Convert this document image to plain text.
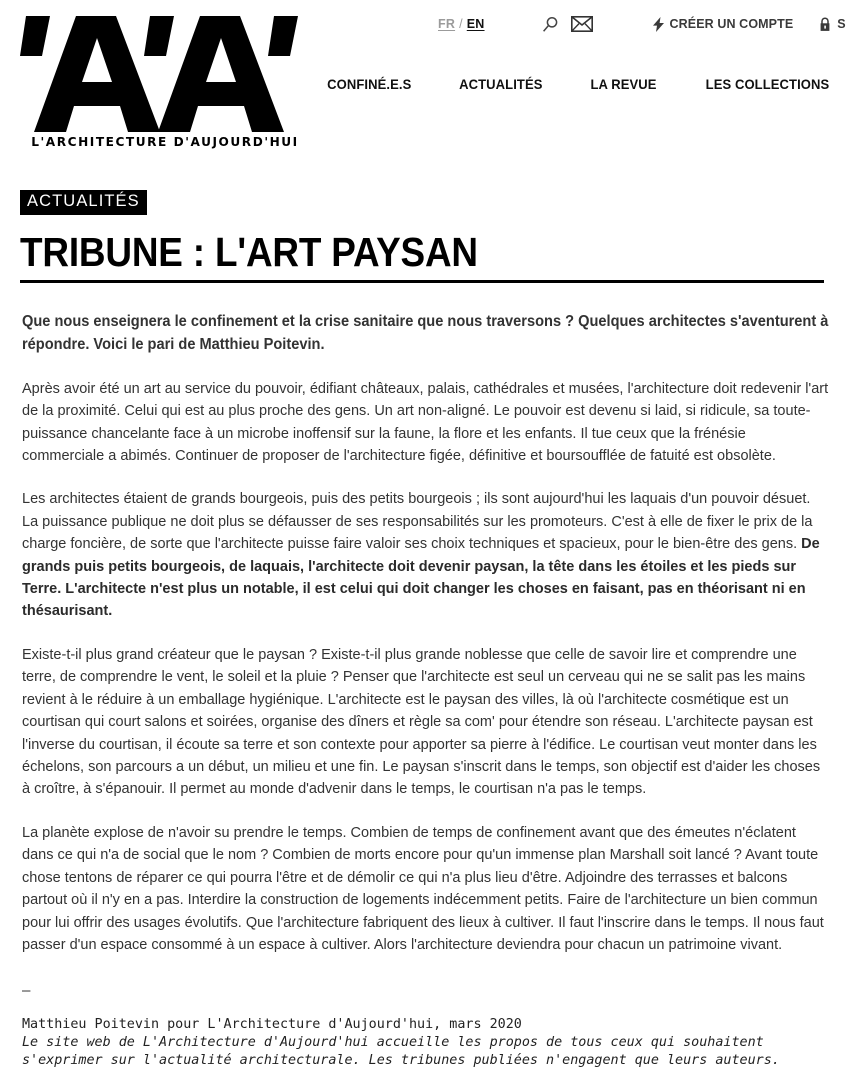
L'ARCHITECTURE D'AUJOURD'HUI
FR / EN	CRÉER UN COMPTE	S
CONFINÉ.E.S	ACTUALITÉS	LA REVUE	LES COLLECTIONS
ACTUALITÉS
TRIBUNE : L'ART PAYSAN

Que nous enseignera le confinement et la crise sanitaire que nous traversons ? Quelques architectes s'aventurent à répondre. Voici le pari de Matthieu Poitevin.

Après avoir été un art au service du pouvoir, édifiant châteaux, palais, cathédrales et musées, l'architecture doit redevenir l'art de la proximité. Celui qui est au plus proche des gens. Un art non-aligné. Le pouvoir est devenu si laid, si ridicule, sa toute-puissance chancelante face à un microbe inoffensif sur la faune, la flore et les enfants. Il tue ceux que la frénésie commerciale a abimés. Continuer de proposer de l'architecture figée, définitive et boursoufflée de fatuité est obsolète.

Les architectes étaient de grands bourgeois, puis des petits bourgeois ; ils sont aujourd'hui les laquais d'un pouvoir désuet. La puissance publique ne doit plus se défausser de ses responsabilités sur les promoteurs. C'est à elle de fixer le prix de la charge foncière, de sorte que l'architecte puisse faire valoir ses choix techniques et spacieux, pour le bien-être des gens. De grands puis petits bourgeois, de laquais, l'architecte doit devenir paysan, la tête dans les étoiles et les pieds sur Terre. L'architecte n'est plus un notable, il est celui qui doit changer les choses en faisant, pas en théorisant ni en thésaurisant.

Existe-t-il plus grand créateur que le paysan ? Existe-t-il plus grande noblesse que celle de savoir lire et comprendre une terre, de comprendre le vent, le soleil et la pluie ? Penser que l'architecte est seul un cerveau qui ne se salit pas les mains revient à le réduire à un emballage hygiénique. L'architecte est le paysan des villes, là où l'architecte cosmétique est un courtisan qui court salons et soirées, organise des dîners et règle sa com' pour étendre son réseau. L'architecte paysan est l'inverse du courtisan, il écoute sa terre et son contexte pour apporter sa pierre à l'édifice. Le courtisan veut monter dans les échelons, son parcours a un début, un milieu et une fin. Le paysan s'inscrit dans le temps, son objectif est d'aider les choses à croître, à s'épanouir. Il permet au monde d'advenir dans le temps, le courtisan n'a pas le temps.

La planète explose de n'avoir su prendre le temps. Combien de temps de confinement avant que des émeutes n'éclatent dans ce qui n'a de social que le nom ? Combien de morts encore pour qu'un immense plan Marshall soit lancé ? Avant toute chose tentons de réparer ce qui pourra l'être et de démolir ce qui n'a plus lieu d'être. Adjoindre des terrasses et balcons partout où il n'y en a pas. Interdire la construction de logements indécemment petits. Faire de l'architecture un bien commun pour lui offrir des usages évolutifs. Que l'architecture fabriquent des lieux à cultiver. Il faut l'inscrire dans le temps. Il nous faut passer d'un espace consommé à un espace à cultiver. Alors l'architecture deviendra pour chacun un patrimoine vivant.

—
Matthieu Poitevin pour L'Architecture d'Aujourd'hui, mars 2020
Le site web de L'Architecture d'Aujourd'hui accueille les propos de tous ceux qui souhaitent s'exprimer sur l'actualité architecturale. Les tribunes publiées n'engagent que leurs auteurs.
